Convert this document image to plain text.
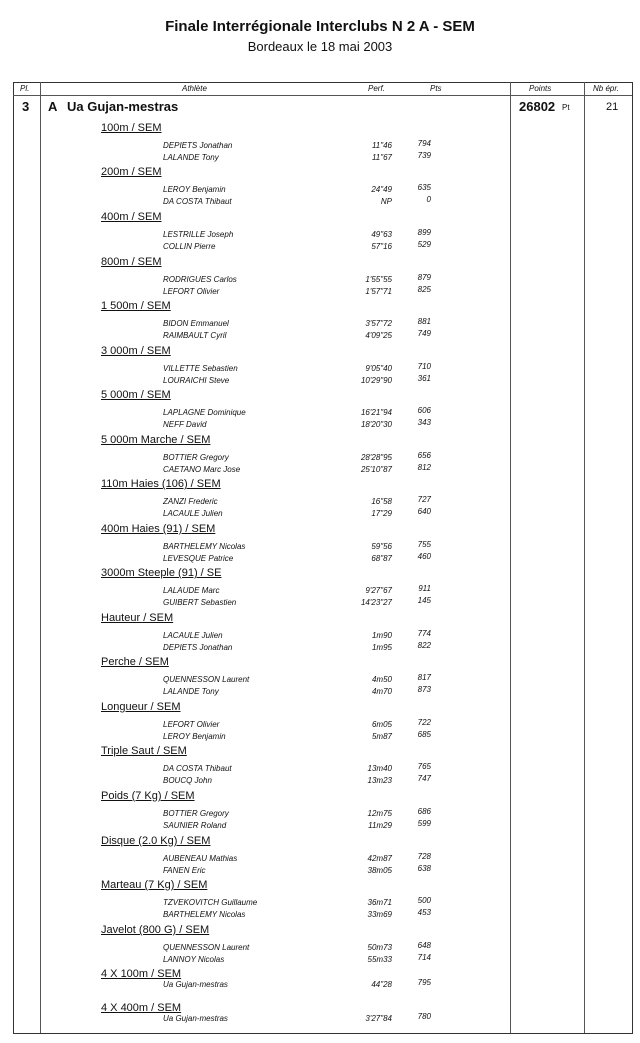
Finale Interrégionale Interclubs N 2 A - SEM
Bordeaux le 18 mai 2003
Pl.	Athlète	Perf.	Pts	Points	Nb épr.
3 A Ua Gujan-mestras	26802 Pt	21
100m / SEM
DEPIETS Jonathan	11"46	794
LALANDE Tony	11"67	739
200m / SEM
LEROY Benjamin	24"49	635
DA COSTA Thibaut	NP	0
400m / SEM
LESTRILLE Joseph	49"63	899
COLLIN Pierre	57"16	529
800m / SEM
RODRIGUES Carlos	1'55"55	879
LEFORT Olivier	1'57"71	825
1 500m / SEM
BIDON Emmanuel	3'57"72	881
RAIMBAULT Cyril	4'09"25	749
3 000m / SEM
VILLETTE Sebastien	9'05"40	710
LOURAICHI Steve	10'29"90	361
5 000m / SEM
LAPLAGNE Dominique	16'21"94	606
NEFF David	18'20"30	343
5 000m Marche / SEM
BOTTIER Gregory	28'28"95	656
CAETANO Marc Jose	25'10"87	812
110m Haies (106) / SEM
ZANZI Frederic	16"58	727
LACAULE Julien	17"29	640
400m Haies (91) / SEM
BARTHELEMY Nicolas	59"56	755
LEVESQUE Patrice	68"87	460
3000m Steeple (91) / SE
LALAUDE Marc	9'27"67	911
GUIBERT Sebastien	14'23"27	145
Hauteur / SEM
LACAULE Julien	1m90	774
DEPIETS Jonathan	1m95	822
Perche / SEM
QUENNESSON Laurent	4m50	817
LALANDE Tony	4m70	873
Longueur / SEM
LEFORT Olivier	6m05	722
LEROY Benjamin	5m87	685
Triple Saut / SEM
DA COSTA Thibaut	13m40	765
BOUCQ John	13m23	747
Poids (7 Kg) / SEM
BOTTIER Gregory	12m75	686
SAUNIER Roland	11m29	599
Disque (2.0 Kg) / SEM
AUBENEAU Mathias	42m87	728
FANEN Eric	38m05	638
Marteau (7 Kg) / SEM
TZVEKOVITCH Guillaume	36m71	500
BARTHELEMY Nicolas	33m69	453
Javelot (800 G) / SEM
QUENNESSON Laurent	50m73	648
LANNOY Nicolas	55m33	714
4 X 100m / SEM
Ua Gujan-mestras	44"28	795
4 X 400m / SEM
Ua Gujan-mestras	3'27"84	780
